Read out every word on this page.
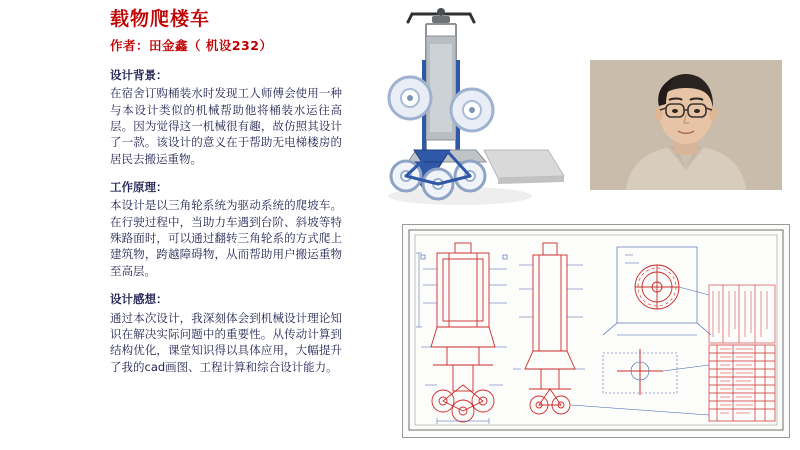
载物爬楼车
作者：田金鑫（ 机设232）
设计背景：

在宿舍订购桶装水时发现工人师傅会使用一种与本设计类似的机械帮助他将桶装水运往高层。因为觉得这一机械很有趣，故仿照其设计了一款。该设计的意义在于帮助无电梯楼房的居民去搬运重物。

工作原理：

本设计是以三角轮系统为驱动系统的爬坡车。在行驶过程中，当助力车遇到台阶、斜坡等特殊路面时，可以通过翻转三角轮系的方式爬上建筑物，跨越障碍物，从而帮助用户搬运重物至高层。

设计感想：

通过本次设计，我深刻体会到机械设计理论知识在解决实际问题中的重要性。从传动计算到结构优化，课堂知识得以具体应用，大幅提升了我的cad画图、工程计算和综合设计能力。
